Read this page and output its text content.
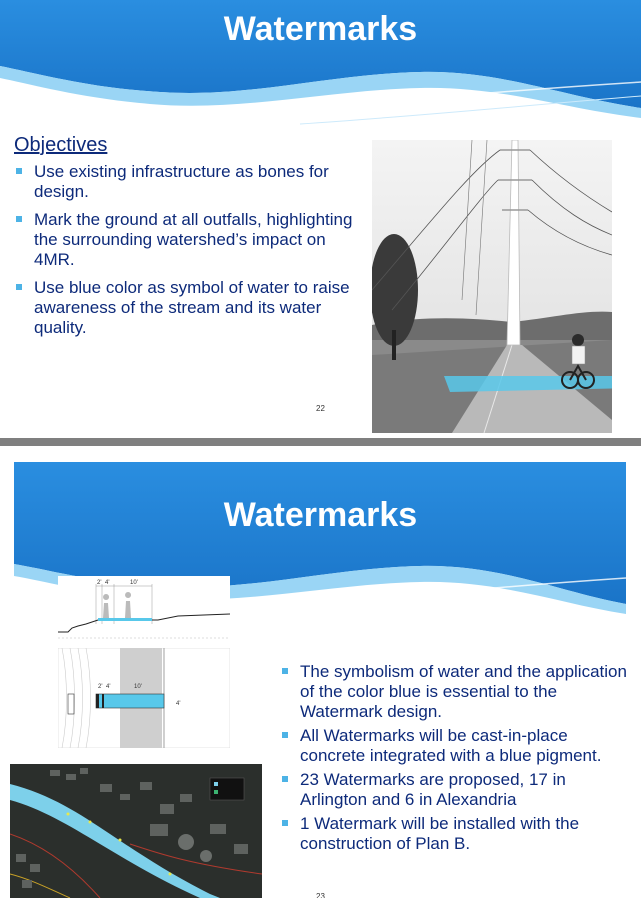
Watermarks
Objectives
Use existing infrastructure as bones for design.
Mark the ground at all outfalls, highlighting the surrounding watershed’s impact on 4MR.
Use blue color as symbol of water to raise awareness of the stream and its water quality.
22
Watermarks
2' 4'	10'
2' 4'	10'
4'
The symbolism of water and the application of the color blue is essential to the Watermark design.
All Watermarks will be cast-in-place concrete integrated with a blue pigment.
23 Watermarks are proposed, 17 in Arlington and 6 in Alexandria
1 Watermark will be installed with the construction of Plan B.
23
